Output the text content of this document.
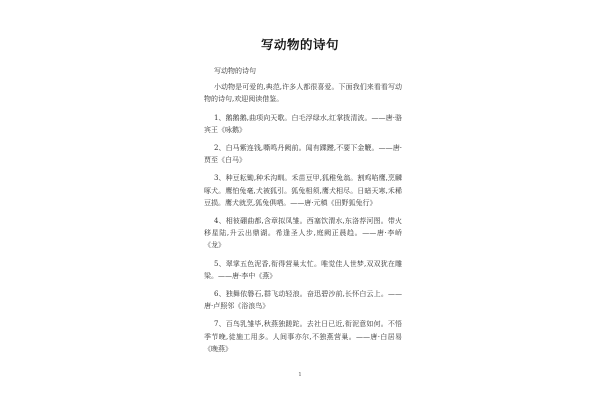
写动物的诗句
写动物的诗句

小动物是可爱的,典范,许多人都很喜爱。下面我们来看看写动物的诗句,欢迎阅读借鉴。

1、鹅鹅鹅,曲项向天歌。白毛浮绿水,红掌拨清波。——唐·骆宾王《咏鹅》

2、白马紫连钱,嘶鸣丹阙前。闻有蹀躞,不要下金鞭。——唐·贾至《白马》

3、种豆耘锄,种禾沟甽。禾苗豆甲,狐稚兔翁。割鸡啗鹰,烹麟啄犬。鹰怕兔毫,犬被狐引。狐兔相须,鹰犬相尽。日暗天寒,禾稀豆损。鹰犬就烹,狐兔俱哂。——唐·元稹《田野狐兔行》

4、相彼硼曲都,含章拟凤雏。西塞饮渭水,东洛荐河图。带火移星陆,升云出鼎湖。希逢圣人步,庭阙正晨趋。——唐·李峤《龙》

5、翠掌五色泥香,衔得营巢太忙。唯觉佳人世梦,双双犹在雕梁。——唐·李中《燕》

6、独舞依磐石,群飞动轻浪。奋迅碧沙前,长怀白云上。——唐·卢照邻《浴浪鸟》

7、百鸟乳雏毕,秋燕独蹉跎。去社日已近,衔泥意如何。不悟季节晚,徒施工用多。人间事亦尔,不独燕营巢。——唐·白居易《晚燕》

1
